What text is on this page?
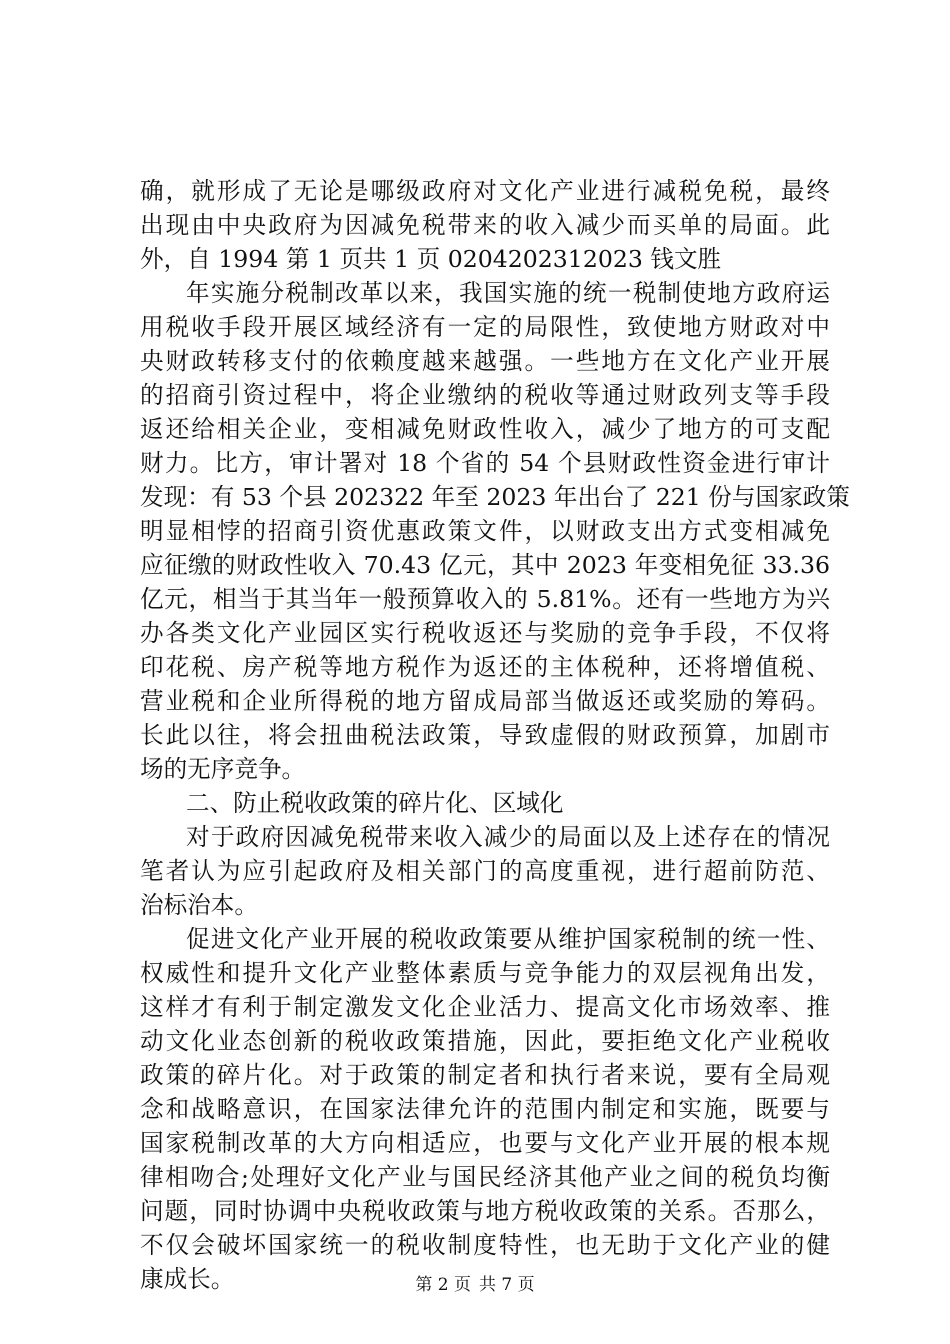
确，就形成了无论是哪级政府对文化产业进行减税免税，最终
出现由中央政府为因减免税带来的收入减少而买单的局面。此
外，自 1994 第 1 页共 1 页 0204202312023 钱文胜
年实施分税制改革以来，我国实施的统一税制使地方政府运
用税收手段开展区域经济有一定的局限性，致使地方财政对中
央财政转移支付的依赖度越来越强。一些地方在文化产业开展
的招商引资过程中，将企业缴纳的税收等通过财政列支等手段
返还给相关企业，变相减免财政性收入，减少了地方的可支配
财力。比方，审计署对 18 个省的 54 个县财政性资金进行审计
发现：有 53 个县 202322 年至 2023 年出台了 221 份与国家政策
明显相悖的招商引资优惠政策文件，以财政支出方式变相减免
应征缴的财政性收入 70.43 亿元，其中 2023 年变相免征 33.36
亿元，相当于其当年一般预算收入的 5.81%。还有一些地方为兴
办各类文化产业园区实行税收返还与奖励的竞争手段，不仅将
印花税、房产税等地方税作为返还的主体税种，还将增值税、
营业税和企业所得税的地方留成局部当做返还或奖励的筹码。
长此以往，将会扭曲税法政策，导致虚假的财政预算，加剧市
场的无序竞争。
二、防止税收政策的碎片化、区域化
对于政府因减免税带来收入减少的局面以及上述存在的情况
笔者认为应引起政府及相关部门的高度重视，进行超前防范、
治标治本。
促进文化产业开展的税收政策要从维护国家税制的统一性、
权威性和提升文化产业整体素质与竞争能力的双层视角出发，
这样才有利于制定激发文化企业活力、提高文化市场效率、推
动文化业态创新的税收政策措施，因此，要拒绝文化产业税收
政策的碎片化。对于政策的制定者和执行者来说，要有全局观
念和战略意识，在国家法律允许的范围内制定和实施，既要与
国家税制改革的大方向相适应，也要与文化产业开展的根本规
律相吻合;处理好文化产业与国民经济其他产业之间的税负均衡
问题，同时协调中央税收政策与地方税收政策的关系。否那么，
不仅会破坏国家统一的税收制度特性，也无助于文化产业的健
康成长。	第 2 页 共 7 页
